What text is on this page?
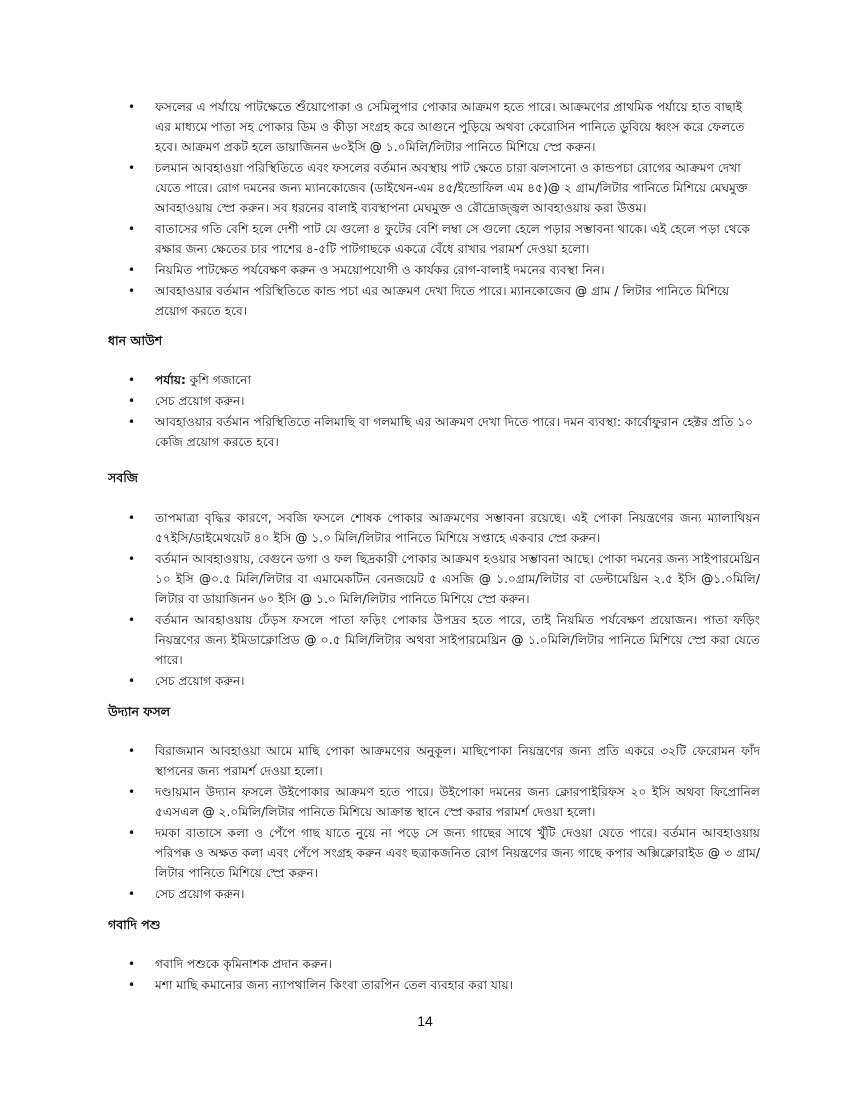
• ফসলের এ পর্যায়ে পাটক্ষেতে শুঁয়োপোকা ও সেমিলুপার পোকার আক্রমণ হতে পারে। আক্রমণের প্রাথমিক পর্যায়ে হাত বাছাই এর মাধ্যমে পাতা সহ পোকার ডিম ও কীড়া সংগ্রহ করে আগুনে পুড়িয়ে অথবা কেরোসিন পানিতে ডুবিয়ে ধ্বংস করে ফেলতে হবে। আক্রমণ প্রকট হলে ডায়াজিনন ৬০ইসি @ ১.০মিলি/লিটার পানিতে মিশিয়ে স্প্রে করুন।
• চলমান আবহাওয়া পরিস্থিতিতে এবং ফসলের বর্তমান অবস্থায় পাট ক্ষেতে চারা ঝলসানো ও কান্ডপচা রোগের আক্রমণ দেখা যেতে পারে। রোগ দমনের জন্য ম্যানকোজেব (ডাইথেন-এম ৪৫/ইন্ডোফিল এম ৪৫)@ ২ গ্রাম/লিটার পানিতে মিশিয়ে মেঘমুক্ত আবহাওয়ায় স্প্রে করুন। সব ধরনের বালাই ব্যবস্থাপনা মেঘমুক্ত ও রৌদ্রোজ্জ্বল আবহাওয়ায় করা উত্তম।
• বাতাসের গতি বেশি হলে দেশী পাট যে গুলো ৪ ফুটের বেশি লম্বা সে গুলো হেলে পড়ার সম্ভাবনা থাকে। এই হেলে পড়া থেকে রক্ষার জন্য ক্ষেতের চার পাশের ৪-৫টি পাটগাছকে একত্রে বেঁধে রাখার পরামর্শ দেওয়া হলো।
• নিয়মিত পাটক্ষেত পর্যবেক্ষণ করুন ও সময়োপযোগী ও কার্যকর রোগ-বালাই দমনের ব্যবস্থা নিন।
• আবহাওয়ার বর্তমান পরিস্থিতিতে কান্ড পচা এর আক্রমণ দেখা দিতে পারে। ম্যানকোজেব @ গ্রাম / লিটার পানিতে মিশিয়ে প্রয়োগ করতে হবে।
ধান আউশ
• পর্যায়: কুশি গজানো
• সেচ প্রয়োগ করুন।
• আবহাওয়ার বর্তমান পরিস্থিতিতে নলিমাছি বা গলমাছি এর আক্রমণ দেখা দিতে পারে। দমন ব্যবস্থা: কার্বোফুরান হেক্টর প্রতি ১০ কেজি প্রয়োগ করতে হবে।
সবজি
• তাপমাত্রা বৃদ্ধির কারণে, সবজি ফসলে শোষক পোকার আক্রমণের সম্ভাবনা রয়েছে। এই পোকা নিয়ন্ত্রণের জন্য ম্যালাথিয়ন ৫৭ইসি/ডাইমেথয়েট ৪০ ইসি @ ১.০ মিলি/লিটার পানিতে মিশিয়ে সপ্তাহে একবার স্প্রে করুন।
• বর্তমান আবহাওয়ায়, বেগুনে ডগা ও ফল ছিদ্রকারী পোকার আক্রমণ হওয়ার সম্ভাবনা আছে। পোকা দমনের জন্য সাইপারমেথ্রিন ১০ ইসি @০.৫ মিলি/লিটার বা এমামেকটিন বেনজয়েট ৫ এসজি @ ১.০গ্রাম/লিটার বা ডেল্টামেথ্রিন ২.৫ ইসি @১.০মিলি/লিটার বা ডায়াজিনন ৬০ ইসি @ ১.০ মিলি/লিটার পানিতে মিশিয়ে স্প্রে করুন।
• বর্তমান আবহাওয়ায় ঢেঁড়স ফসলে পাতা ফড়িং পোকার উপদ্রব হতে পারে, তাই নিয়মিত পর্যবেক্ষণ প্রয়োজন। পাতা ফড়িং নিয়ন্ত্রণের জন্য ইমিডাক্লোপ্রিড @ ০.৫ মিলি/লিটার অথবা সাইপারমেথ্রিন @ ১.০মিলি/লিটার পানিতে মিশিয়ে স্প্রে করা যেতে পারে।
• সেচ প্রয়োগ করুন।
উদ্যান ফসল
• বিরাজমান আবহাওয়া আমে মাছি পোকা আক্রমণের অনুকূল। মাছিপোকা নিয়ন্ত্রণের জন্য প্রতি একরে ৩২টি ফেরোমন ফাঁদ স্থাপনের জন্য পরামর্শ দেওয়া হলো।
• দণ্ডায়মান উদ্যান ফসলে উইপোকার আক্রমণ হতে পারে। উইপোকা দমনের জন্য ক্লোরপাইরিফস ২০ ইসি অথবা ফিপ্রোনিল ৫এসএল @ ২.০মিলি/লিটার পানিতে মিশিয়ে আক্রান্ত স্থানে স্প্রে করার পরামর্শ দেওয়া হলো।
• দমকা বাতাসে কলা ও পেঁপে গাছ যাতে নুয়ে না পড়ে সে জন্য গাছের সাথে খুঁটি দেওয়া যেতে পারে। বর্তমান আবহাওয়ায় পরিপক্ক ও অক্ষত কলা এবং পেঁপে সংগ্রহ করুন এবং ছত্রাকজনিত রোগ নিয়ন্ত্রণের জন্য গাছে কপার অক্সিক্লোরাইড @ ৩ গ্রাম/ লিটার পানিতে মিশিয়ে স্প্রে করুন।
• সেচ প্রয়োগ করুন।
গবাদি পশু
• গবাদি পশুকে কৃমিনাশক প্রদান করুন।
• মশা মাছি কমানোর জন্য ন্যাপথালিন কিংবা তারপিন তেল ব্যবহার করা যায়।
14
